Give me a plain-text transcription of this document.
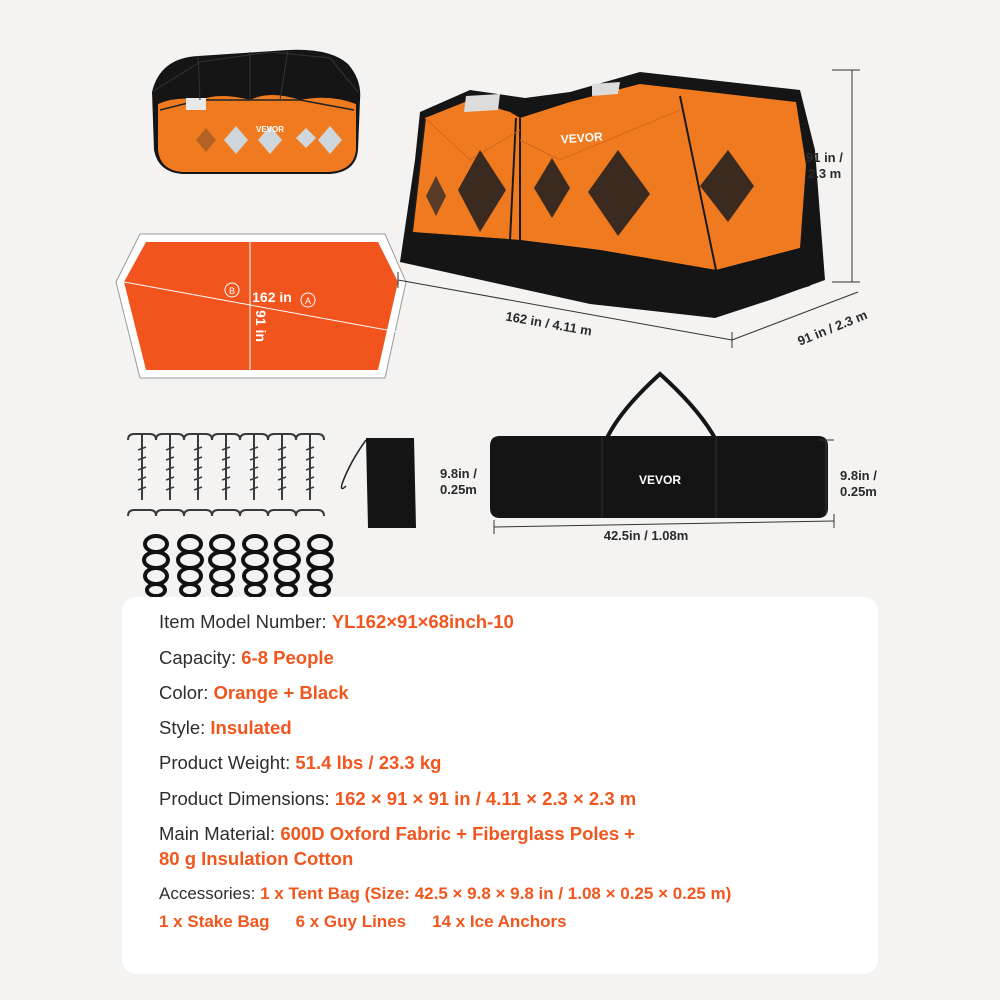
VEVOR
B
A
162 in
91 in
VEVOR
91 in /
2.3 m
162 in / 4.11 m	91 in / 2.3 m
VEVOR
9.8in /
0.25m
9.8in /
0.25m
42.5in / 1.08m
Item Model Number: YL162×91×68inch-10
Capacity: 6-8 People
Color: Orange + Black
Style: Insulated
Product Weight: 51.4 lbs / 23.3 kg
Product Dimensions: 162 × 91 × 91 in / 4.11 × 2.3 × 2.3 m
Main Material: 600D Oxford Fabric + Fiberglass Poles +
80 g Insulation Cotton
Accessories: 1 x Tent Bag (Size: 42.5 × 9.8 × 9.8 in / 1.08 × 0.25 × 0.25 m)
1 x Stake Bag 6 x Guy Lines 14 x Ice Anchors
